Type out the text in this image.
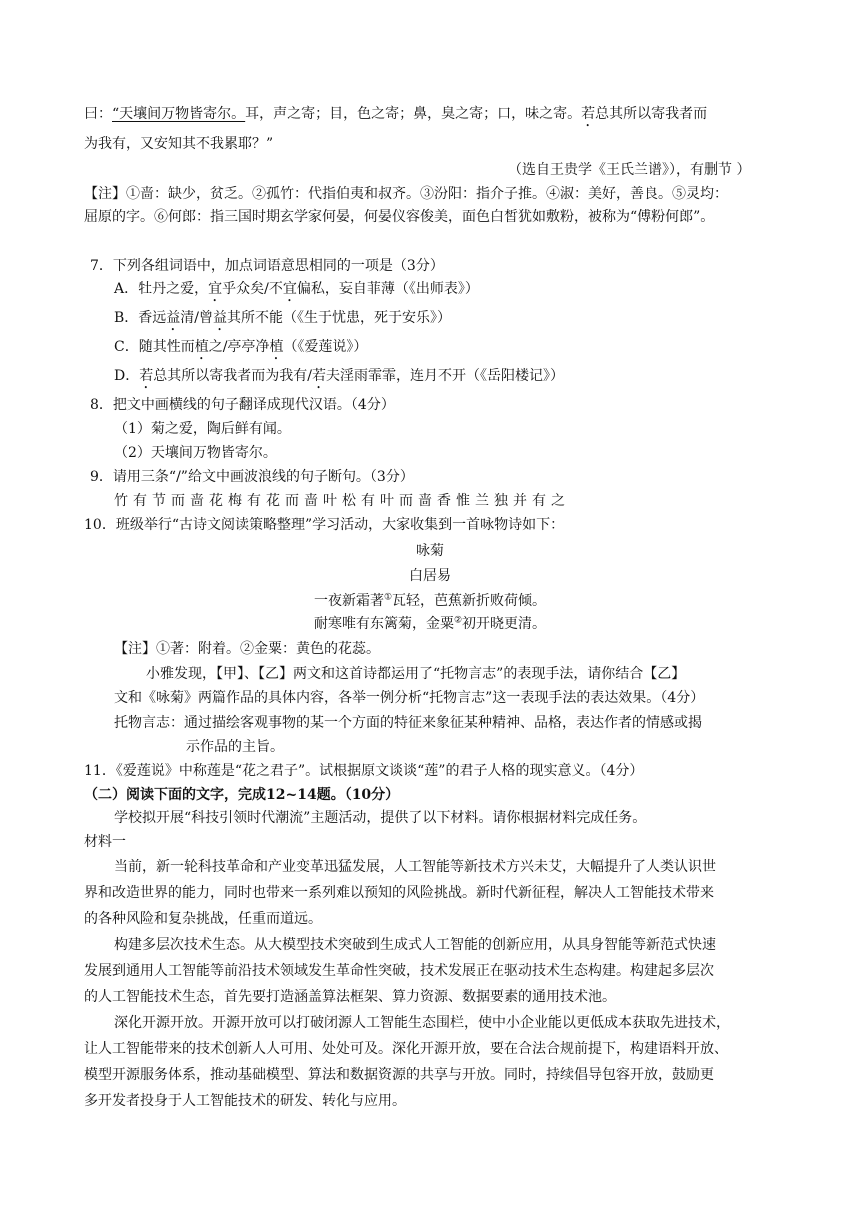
曰：“天壤间万物皆寄尔。耳，声之寄；目，色之寄；鼻，臭之寄；口，味之寄。若总其所以寄我者而
为我有，又安知其不我累耶？”
（选自王贵学《王氏兰谱》），有删节 ）
【注】①啬：缺少，贫乏。②孤竹：代指伯夷和叔齐。③汾阳：指介子推。④淑：美好，善良。⑤灵均：
屈原的字。⑥何郎：指三国时期玄学家何晏，何晏仪容俊美，面色白皙犹如敷粉，被称为“傅粉何郎”。
7．下列各组词语中，加点词语意思相同的一项是（3分）
A．牡丹之爱，宜乎众矣/不宜偏私，妄自菲薄（《出师表》）
B．香远益清/曾益其所不能（《生于忧患，死于安乐》）
C．随其性而植之/亭亭净植（《爱莲说》）
D．若总其所以寄我者而为我有/若夫淫雨霏霏，连月不开（《岳阳楼记》）
8．把文中画横线的句子翻译成现代汉语。（4分）
（1）菊之爱，陶后鲜有闻。
（2）天壤间万物皆寄尔。
9．请用三条“/”给文中画波浪线的句子断句。（3分）
竹有节而啬花梅有花而啬叶松有叶而啬香惟兰独并有之
10．班级举行“古诗文阅读策略整理”学习活动，大家收集到一首咏物诗如下：
咏菊
白居易
一夜新霜著①瓦轻，芭蕉新折败荷倾。
耐寒唯有东篱菊，金粟②初开晓更清。
【注】①著：附着。②金粟：黄色的花蕊。
小雅发现，【甲】、【乙】两文和这首诗都运用了“托物言志”的表现手法，请你结合【乙】
文和《咏菊》两篇作品的具体内容，各举一例分析“托物言志”这一表现手法的表达效果。（4分）
托物言志：通过描绘客观事物的某一个方面的特征来象征某种精神、品格，表达作者的情感或揭
示作品的主旨。
11．《爱莲说》中称莲是“花之君子”。试根据原文谈谈“莲”的君子人格的现实意义。（4分）
（二）阅读下面的文字，完成12~14题。（10分）
学校拟开展“科技引领时代潮流”主题活动，提供了以下材料。请你根据材料完成任务。
材料一
当前，新一轮科技革命和产业变革迅猛发展，人工智能等新技术方兴未艾，大幅提升了人类认识世
界和改造世界的能力，同时也带来一系列难以预知的风险挑战。新时代新征程，解决人工智能技术带来
的各种风险和复杂挑战，任重而道远。
构建多层次技术生态。从大模型技术突破到生成式人工智能的创新应用，从具身智能等新范式快速
发展到通用人工智能等前沿技术领域发生革命性突破，技术发展正在驱动技术生态构建。构建起多层次
的人工智能技术生态，首先要打造涵盖算法框架、算力资源、数据要素的通用技术池。
深化开源开放。开源开放可以打破闭源人工智能生态围栏，使中小企业能以更低成本获取先进技术，
让人工智能带来的技术创新人人可用、处处可及。深化开源开放，要在合法合规前提下，构建语料开放、
模型开源服务体系，推动基础模型、算法和数据资源的共享与开放。同时，持续倡导包容开放，鼓励更
多开发者投身于人工智能技术的研发、转化与应用。
